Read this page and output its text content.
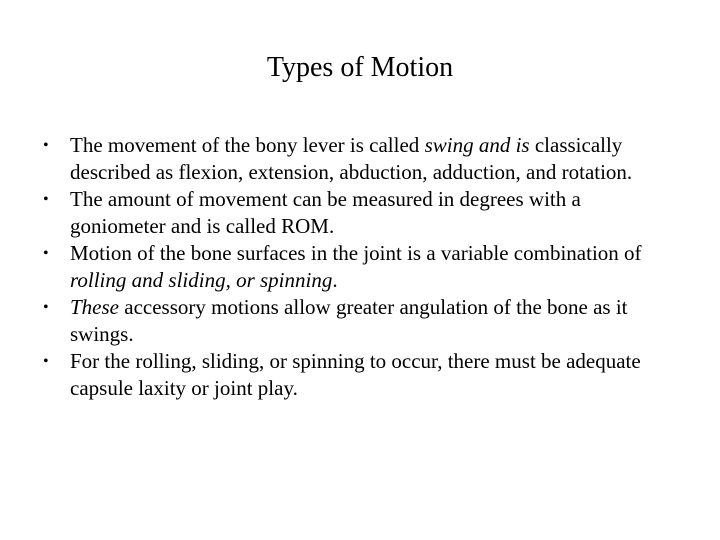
Types of Motion
• The movement of the bony lever is called swing and is classically described as flexion, extension, abduction, adduction, and rotation.
• The amount of movement can be measured in degrees with a goniometer and is called ROM.
• Motion of the bone surfaces in the joint is a variable combination of rolling and sliding, or spinning.
• These accessory motions allow greater angulation of the bone as it swings.
• For the rolling, sliding, or spinning to occur, there must be adequate capsule laxity or joint play.
